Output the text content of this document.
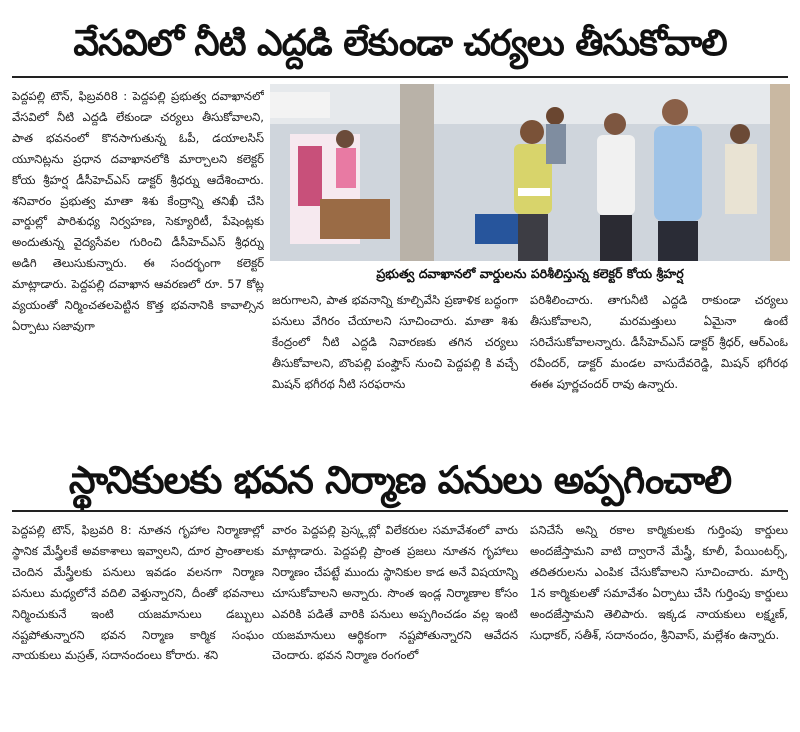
వేసవిలో నీటి ఎద్దడి లేకుండా చర్యలు తీసుకోవాలి
పెద్దపల్లి టౌన్, ఫిబ్రవరి8 : పెద్దపల్లి ప్రభుత్వ దవాఖానలో వేసవిలో నీటి ఎద్దడి లేకుండా చర్యలు తీసుకోవాలని, పాత భవనంలో కొనసాగుతున్న ఓపీ, డయాలసిస్ యూనిట్లను ప్రధాన దవాఖానలోకి మార్చాలని కలెక్టర్ కోయ శ్రీహర్ష డీసీహెచ్ఎస్ డాక్టర్ శ్రీధర్ను ఆదేశించారు. శనివారం ప్రభుత్వ మాతా శిశు కేంద్రాన్ని తనిఖీ చేసి వార్డుల్లో పారిశుధ్య నిర్వహణ, సెక్యూరిటీ, పేషెంట్లకు అందుతున్న వైద్యసేవల గురించి డీసీహెచ్ఎస్ శ్రీధర్ను అడిగి తెలుసుకున్నారు. ఈ సందర్భంగా కలెక్టర్ మాట్లాడారు. పెద్దపల్లి దవాఖాన ఆవరణలో రూ. 57 కోట్ల వ్యయంతో నిర్మించతలపెట్టిన కొత్త భవనానికి కావాల్సిన ఏర్పాటు సజావుగా
ప్రభుత్వ దవాఖానలో వార్డులను పరిశీలిస్తున్న కలెక్టర్ కోయ శ్రీహర్ష
జరుగాలని, పాత భవనాన్ని కూల్చివేసి ప్రణాళిక బద్ధంగా పనులు వేగిరం చేయాలని సూచించారు. మాతా శిశు కేంద్రంలో నీటి ఎద్దడి నివారణకు తగిన చర్యలు తీసుకోవాలని, బొంపల్లి పంప్హౌస్ నుంచి పెద్దపల్లి కి వచ్చే మిషన్ భగీరథ నీటి సరఫరాను
పరిశీలించారు. తాగునీటి ఎద్దడి రాకుండా చర్యలు తీసుకోవాలని, మరమత్తులు ఏమైనా ఉంటే సరిచేసుకోవాలన్నారు. డీసీహెచ్ఎస్ డాక్టర్ శ్రీధర్, ఆర్ఎంఓ రవీందర్, డాక్టర్ మండల వాసుదేవరెడ్డి, మిషన్ భగీరథ ఈఈ పూర్ణచందర్ రావు ఉన్నారు.
స్థానికులకు భవన నిర్మాణ పనులు అప్పగించాలి
పెద్దపల్లి టౌన్, ఫిబ్రవరి 8: నూతన గృహాల నిర్మాణాల్లో స్థానిక మేస్త్రీలకే అవకాశాలు ఇవ్వాలని, దూర ప్రాంతాలకు చెందిన మేస్త్రీలకు పనులు ఇవడం వలనగా నిర్మాణ పనులు మధ్యలోనే వదిలి వెళ్తున్నారని, దీంతో భవనాలు నిర్మించుకునే ఇంటి యజమానులు డబ్బులు నష్టపోతున్నారని భవన నిర్మాణ కార్మిక సంఘం నాయకులు మస్రత్, సదానందంలు కోరారు. శని
వారం పెద్దపల్లి ప్రెస్క్లబ్లో విలేకరుల సమావేశంలో వారు మాట్లాడారు. పెద్దపల్లి ప్రాంత ప్రజలు నూతన గృహాలు నిర్మాణం చేపట్టే ముందు స్థానికుల కాడ అనే విషయాన్ని చూసుకోవాలని అన్నారు. సొంత ఇండ్ల నిర్మాణాల కోసం ఎవరికి పడితే వారికి పనులు అప్పగించడం వల్ల ఇంటి యజమానులు ఆర్థికంగా నష్టపోతున్నారని ఆవేదన చెందారు. భవన నిర్మాణ రంగంలో
పనిచేసే అన్ని రకాల కార్మికులకు గుర్తింపు కార్డులు అందజేస్తామని వాటి ద్వారానే మేస్త్రీ, కూలీ, పేయింటర్స్, తదితరులను ఎంపిక చేసుకోవాలని సూచించారు. మార్చి 1న కార్మికులతో సమావేశం ఏర్పాటు చేసి గుర్తింపు కార్డులు అందజేస్తామని తెలిపారు. ఇక్కడ నాయకులు లక్ష్మణ్, సుధాకర్, సతీశ్, సదానందం, శ్రీనివాస్, మల్లేశం ఉన్నారు.
